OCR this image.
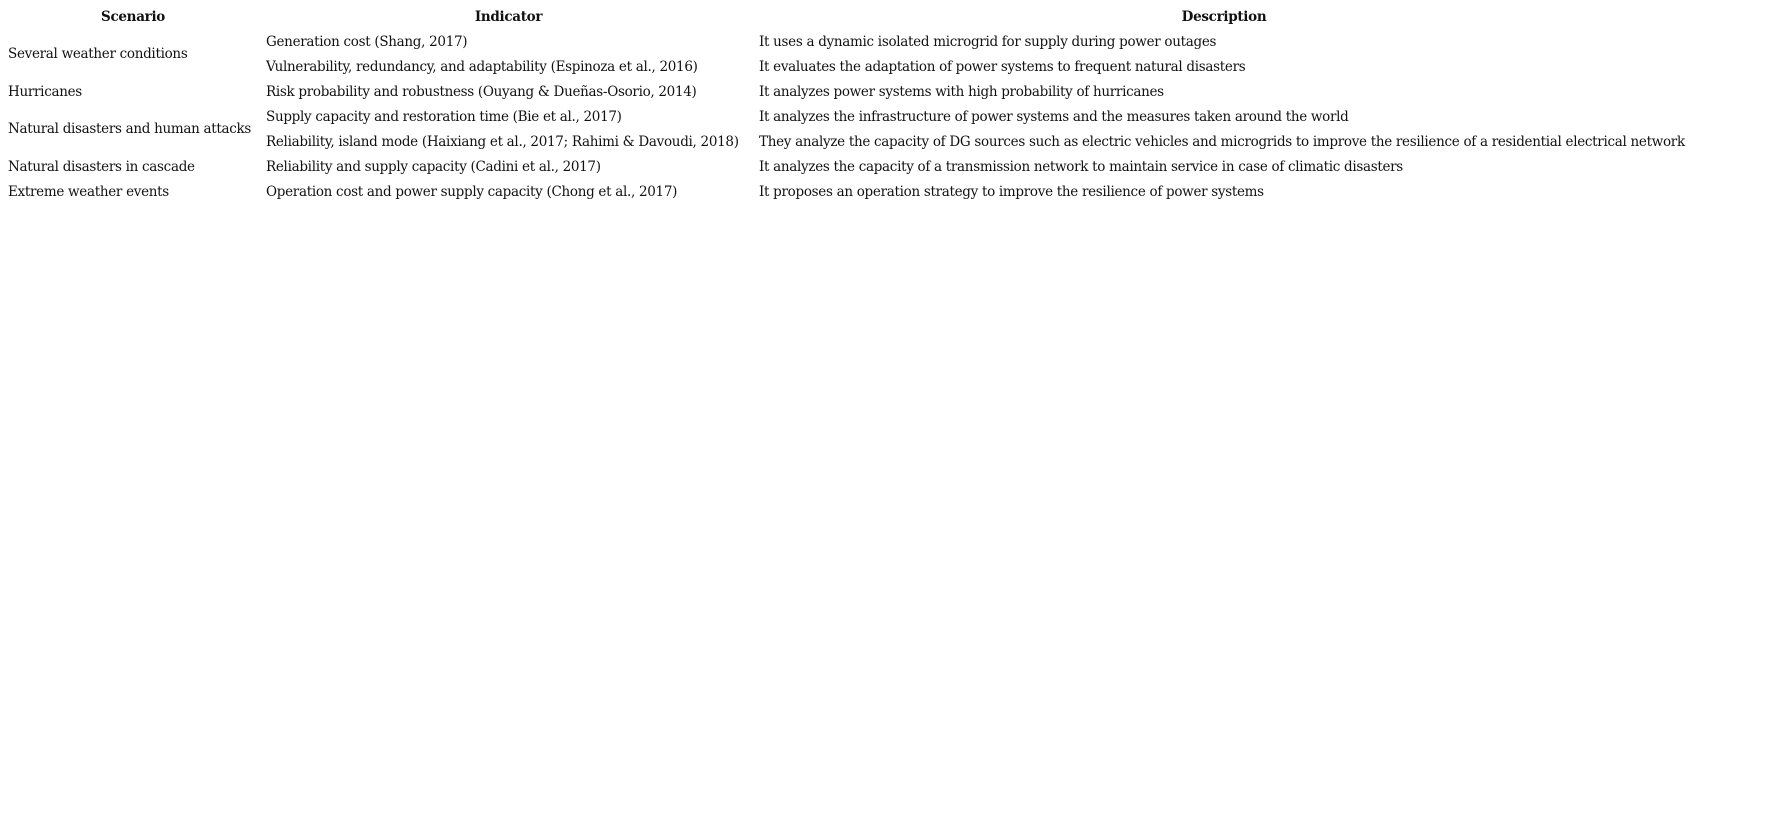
Scenario	Indicator	Description
Several weather conditions	Generation cost (Shang, 2017)	It uses a dynamic isolated microgrid for supply during power outages
	Vulnerability, redundancy, and adaptability (Espinoza et al., 2016)	It evaluates the adaptation of power systems to frequent natural disasters
Hurricanes	Risk probability and robustness (Ouyang & Dueñas-Osorio, 2014)	It analyzes power systems with high probability of hurricanes
Natural disasters and human attacks	Supply capacity and restoration time (Bie et al., 2017)	It analyzes the infrastructure of power systems and the measures taken around the world
	Reliability, island mode (Haixiang et al., 2017; Rahimi & Davoudi, 2018)	They analyze the capacity of DG sources such as electric vehicles and microgrids to improve the resilience of a residential electrical network
Natural disasters in cascade	Reliability and supply capacity (Cadini et al., 2017)	It analyzes the capacity of a transmission network to maintain service in case of climatic disasters
Extreme weather events	Operation cost and power supply capacity (Chong et al., 2017)	It proposes an operation strategy to improve the resilience of power systems
